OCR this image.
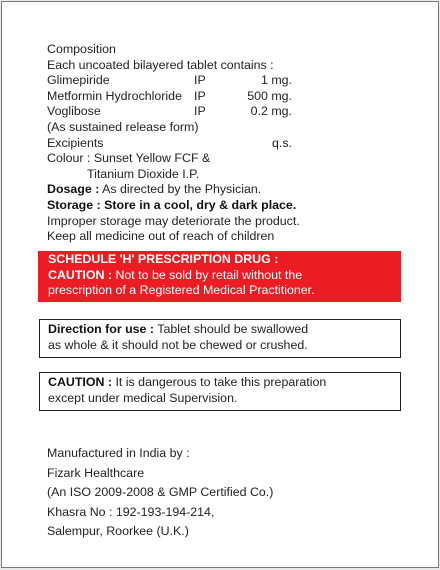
Composition
Each uncoated bilayered tablet contains :
Glimepiride	IP	1 mg.
Metformin Hydrochloride IP	500 mg.
Voglibose	IP	0.2 mg.
(As sustained release form)
Excipients	q.s.
Colour : Sunset Yellow FCF &
Titanium Dioxide I.P.
Dosage : As directed by the Physician.
Storage : Store in a cool, dry & dark place.
Improper storage may deteriorate the product.
Keep all medicine out of reach of children
SCHEDULE 'H' PRESCRIPTION DRUG :
CAUTION : Not to be sold by retail without the
prescription of a Registered Medical Practitioner.
Direction for use : Tablet should be swallowed
as whole & it should not be chewed or crushed.
CAUTION : It is dangerous to take this preparation
except under medical Supervision.
Manufactured in India by :
Fizark Healthcare
(An ISO 2009-2008 & GMP Certified Co.)
Khasra No : 192-193-194-214,
Salempur, Roorkee (U.K.)
